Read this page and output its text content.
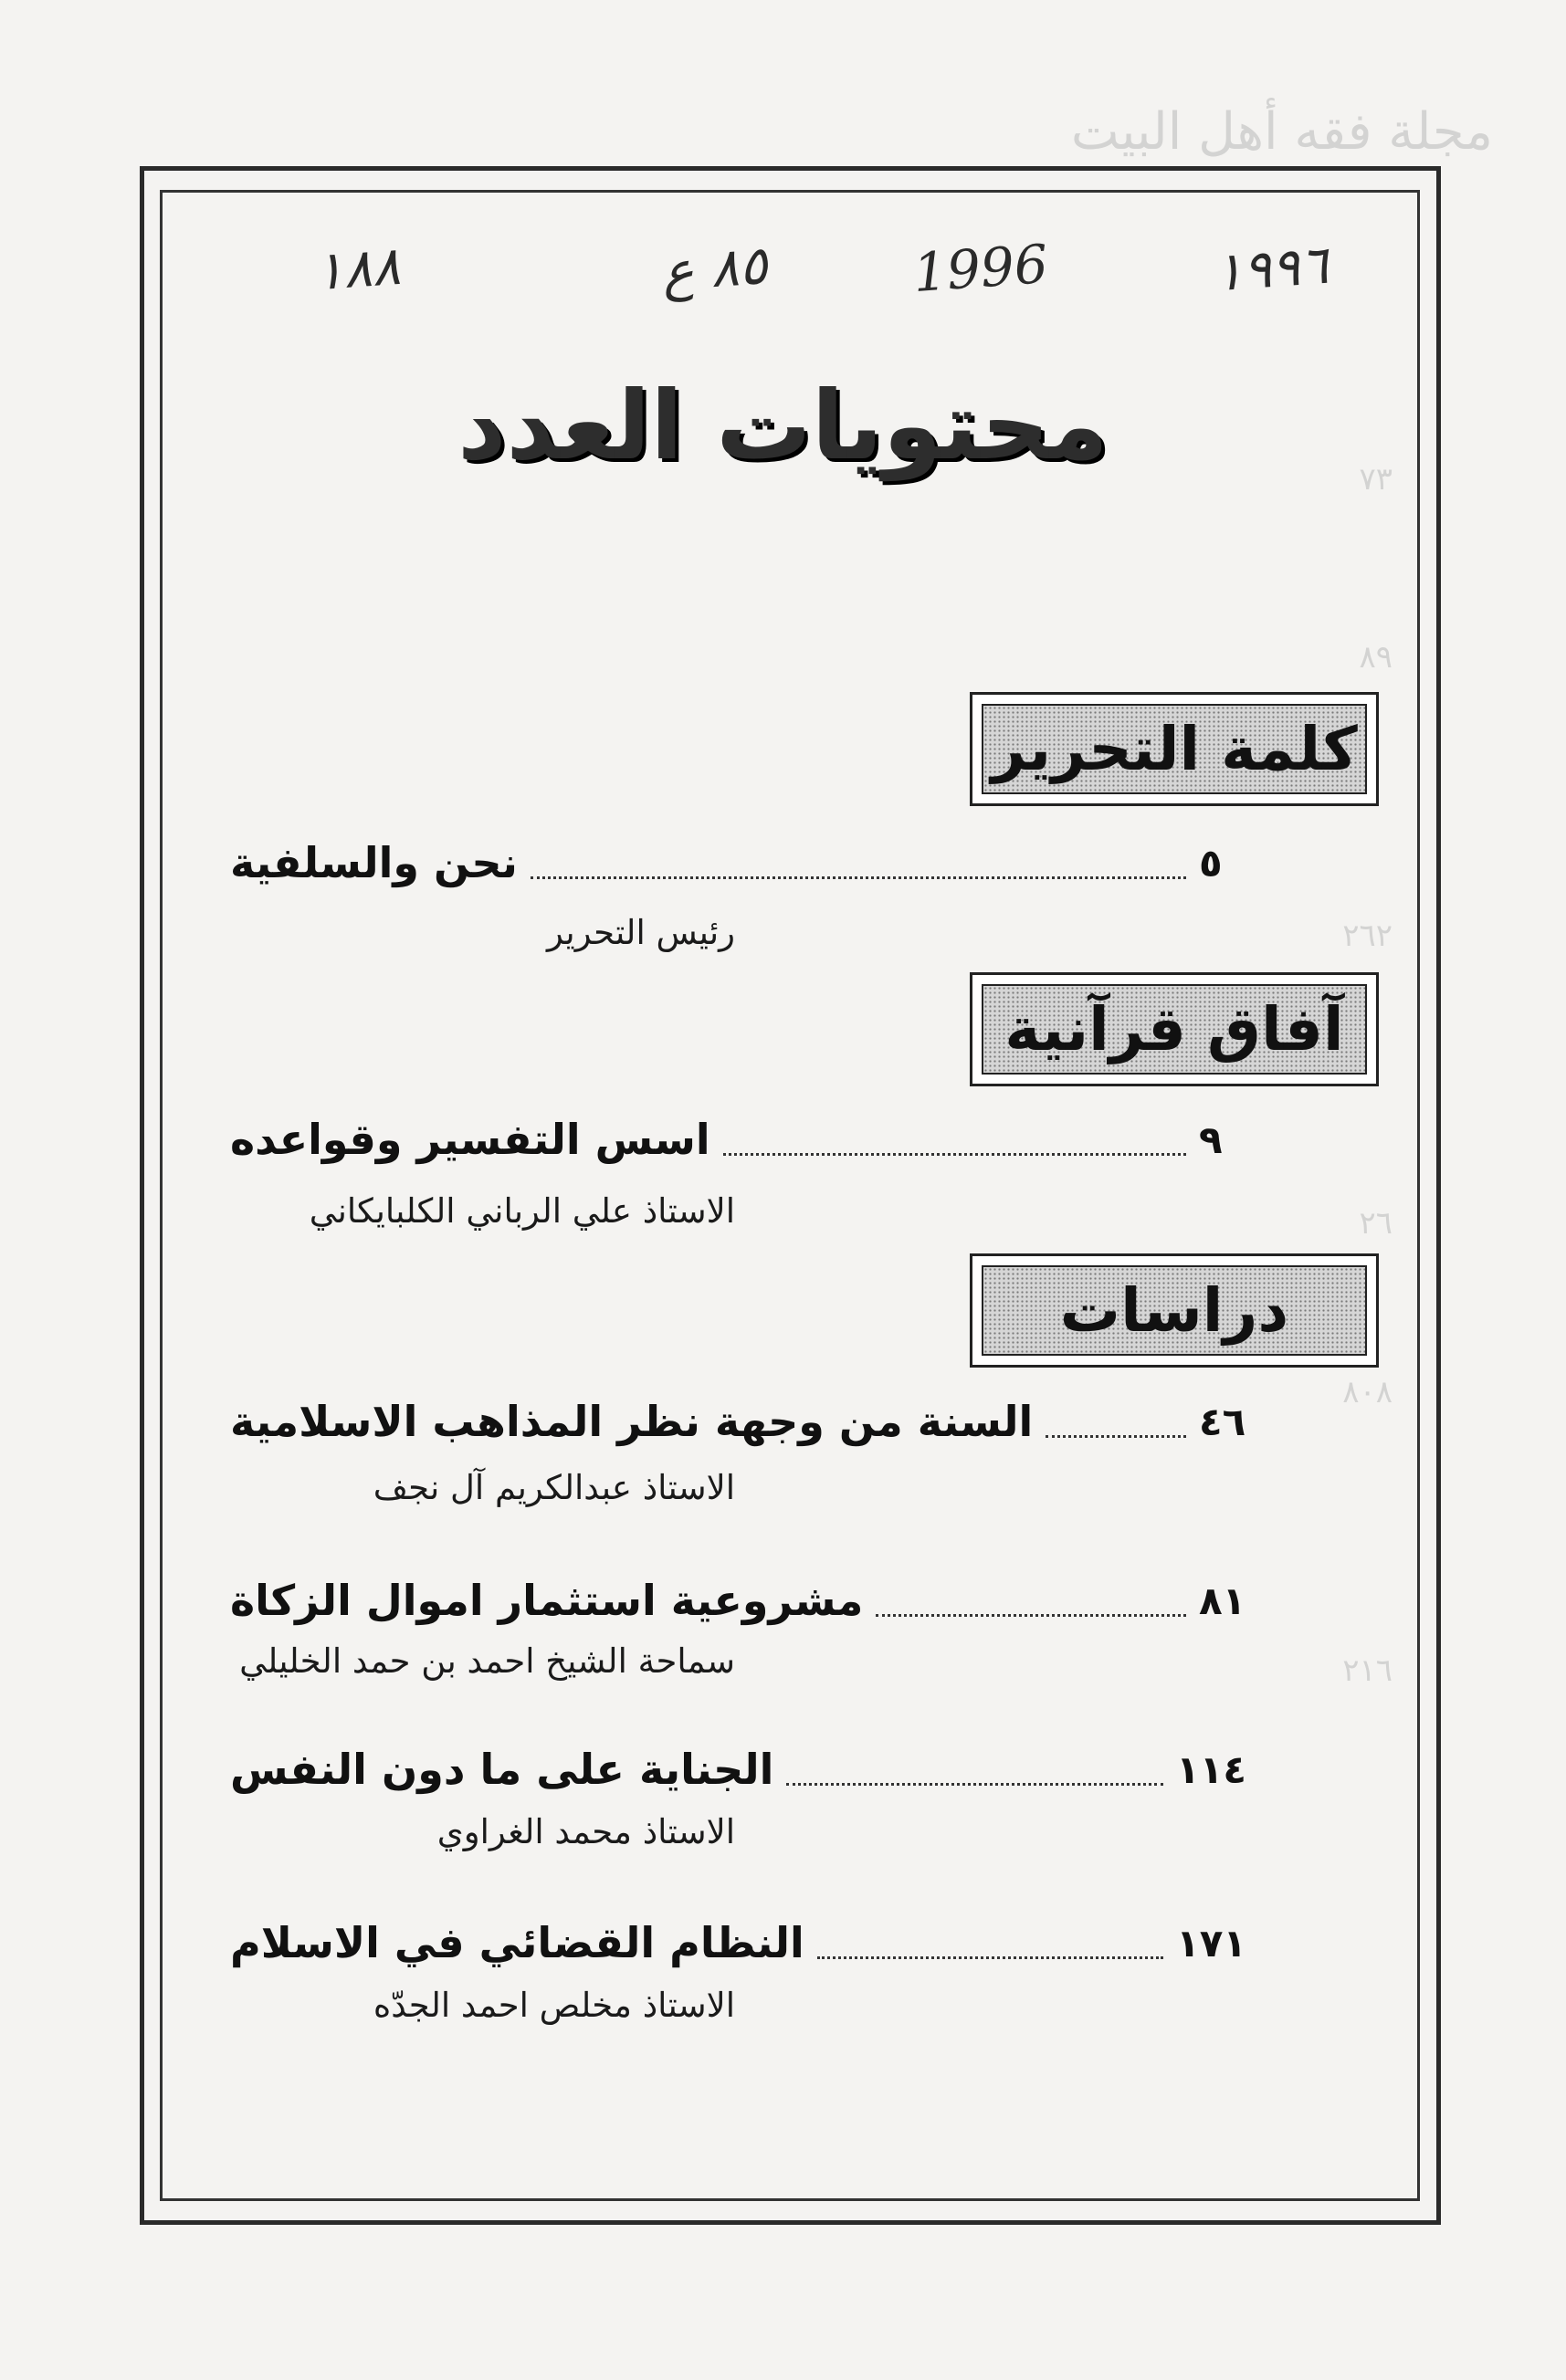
مجلة فقه أهل البيت
٧٣
٨٩
٢٦٢
٢٦
٨٠٨
٢١٦
١٨٨	٨٥ ع	1996	١٩٩٦
محتويات العدد
كلمة التحرير
نحن والسلفية	٥
رئيس التحرير
آفاق قرآنية
اسس التفسير وقواعده	٩
الاستاذ علي الرباني الكلبايكاني
دراسات
السنة من وجهة نظر المذاهب الاسلامية	٤٦
الاستاذ عبدالكريم آل نجف
مشروعية استثمار اموال الزكاة	٨١
سماحة الشيخ احمد بن حمد الخليلي
الجناية على ما دون النفس	١١٤
الاستاذ محمد الغراوي
النظام القضائي في الاسلام	١٧١
الاستاذ مخلص احمد الجدّه
